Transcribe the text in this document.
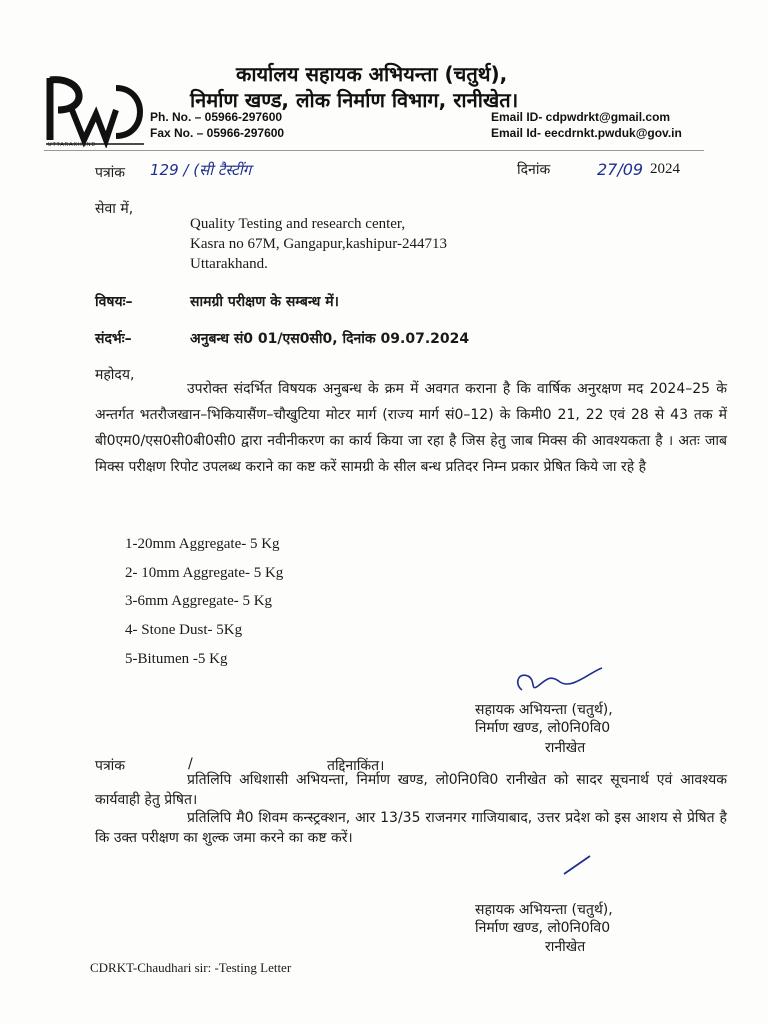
UTTARAKHAND
कार्यालय सहायक अभियन्ता (चतुर्थ),
निर्माण खण्ड, लोक निर्माण विभाग, रानीखेत।
Ph. No. – 05966-297600
Fax No. – 05966-297600
Email ID- cdpwdrkt@gmail.com
Email Id- eecdrnkt.pwduk@gov.in
पत्रांक 129 / (सी टैस्टींग	दिनांक	27/09 2024
सेवा में,
Quality Testing and research center,
Kasra no 67M, Gangapur,kashipur-244713
Uttarakhand.
विषयः–	सामग्री परीक्षण के सम्बन्ध में।
संदर्भः–	अनुबन्ध सं0 01/एस0सी0, दिनांक 09.07.2024
महोदय,
उपरोक्त संदर्भित विषयक अनुबन्ध के क्रम में अवगत कराना है कि वार्षिक अनुरक्षण मद 2024–25 के अन्तर्गत भतरौजखान–भिकियासैंण–चौखुटिया मोटर मार्ग (राज्य मार्ग सं0–12) के किमी0 21, 22 एवं 28 से 43 तक में बी0एम0/एस0सी0बी0सी0 द्वारा नवीनीकरण का कार्य किया जा रहा है जिस हेतु जाब मिक्स की आवश्यकता है । अतः जाब मिक्स परीक्षण रिपोट उपलब्ध कराने का कष्ट करें सामग्री के सील बन्ध प्रतिदर निम्न प्रकार प्रेषित किये जा रहे है
1-20mm Aggregate- 5 Kg
2- 10mm Aggregate- 5 Kg
3-6mm Aggregate- 5 Kg
4- Stone Dust- 5Kg
5-Bitumen -5 Kg
सहायक अभियन्ता (चतुर्थ),
निर्माण खण्ड, लो0नि0वि0
रानीखेत
पत्रांक	/	तद्दिनाकिंत।
प्रतिलिपि अधिशासी अभियन्ता, निर्माण खण्ड, लो0नि0वि0 रानीखेत को सादर सूचनार्थ एवं आवश्यक कार्यवाही हेतु प्रेषित।
प्रतिलिपि मै0 शिवम कन्स्ट्रक्शन, आर 13/35 राजनगर गाजियाबाद, उत्तर प्रदेश को इस आशय से प्रेषित है कि उक्त परीक्षण का शुल्क जमा करने का कष्ट करें।
सहायक अभियन्ता (चतुर्थ),
निर्माण खण्ड, लो0नि0वि0
रानीखेत
CDRKT-Chaudhari sir: -Testing Letter
